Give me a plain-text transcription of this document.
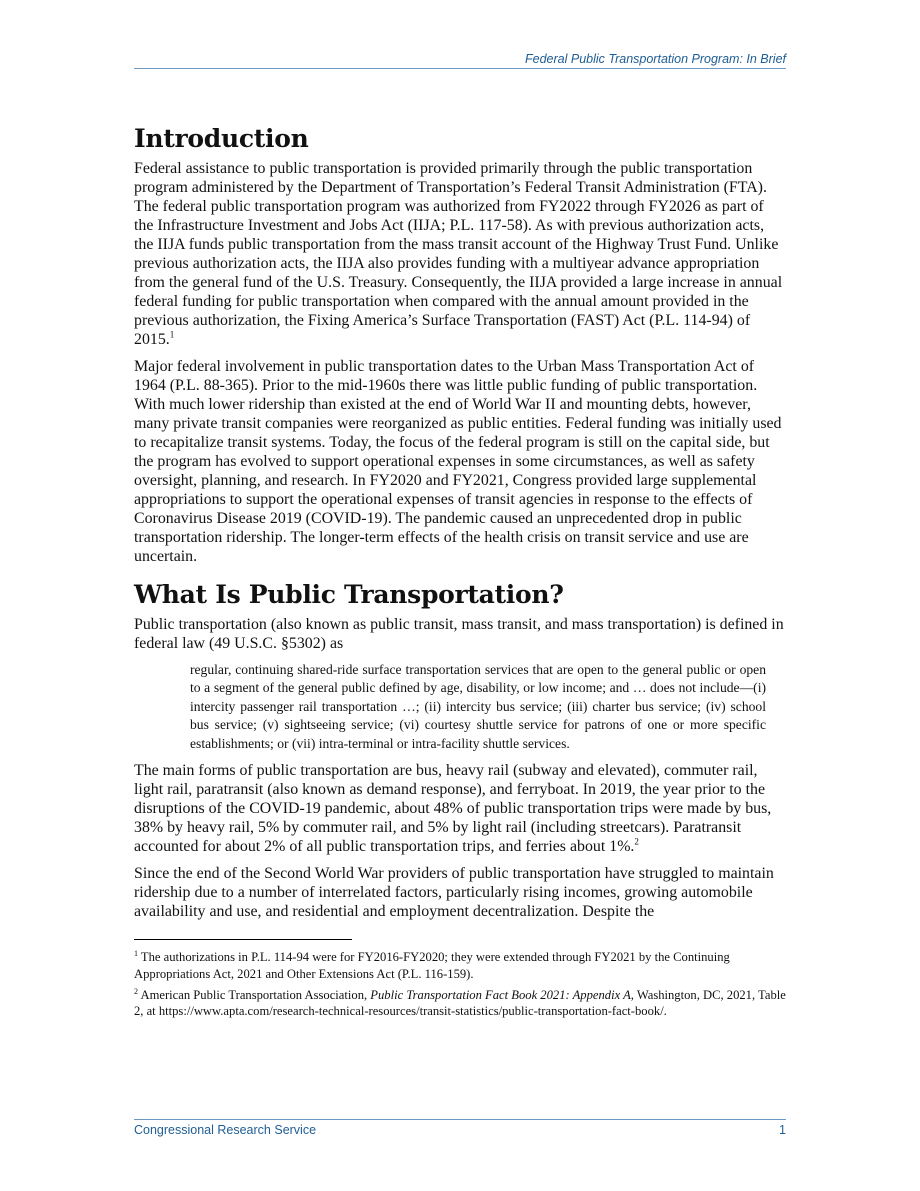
Federal Public Transportation Program: In Brief
Introduction

Federal assistance to public transportation is provided primarily through the public transportation program administered by the Department of Transportation’s Federal Transit Administration (FTA). The federal public transportation program was authorized from FY2022 through FY2026 as part of the Infrastructure Investment and Jobs Act (IIJA; P.L. 117-58). As with previous authorization acts, the IIJA funds public transportation from the mass transit account of the Highway Trust Fund. Unlike previous authorization acts, the IIJA also provides funding with a multiyear advance appropriation from the general fund of the U.S. Treasury. Consequently, the IIJA provided a large increase in annual federal funding for public transportation when compared with the annual amount provided in the previous authorization, the Fixing America’s Surface Transportation (FAST) Act (P.L. 114-94) of 2015.$^1$

Major federal involvement in public transportation dates to the Urban Mass Transportation Act of 1964 (P.L. 88-365). Prior to the mid-1960s there was little public funding of public transportation. With much lower ridership than existed at the end of World War II and mounting debts, however, many private transit companies were reorganized as public entities. Federal funding was initially used to recapitalize transit systems. Today, the focus of the federal program is still on the capital side, but the program has evolved to support operational expenses in some circumstances, as well as safety oversight, planning, and research. In FY2020 and FY2021, Congress provided large supplemental appropriations to support the operational expenses of transit agencies in response to the effects of Coronavirus Disease 2019 (COVID-19). The pandemic caused an unprecedented drop in public transportation ridership. The longer-term effects of the health crisis on transit service and use are uncertain.

What Is Public Transportation?

Public transportation (also known as public transit, mass transit, and mass transportation) is defined in federal law (49 U.S.C. §5302) as

regular, continuing shared-ride surface transportation services that are open to the general public or open to a segment of the general public defined by age, disability, or low income; and … does not include—(i) intercity passenger rail transportation …; (ii) intercity bus service; (iii) charter bus service; (iv) school bus service; (v) sightseeing service; (vi) courtesy shuttle service for patrons of one or more specific establishments; or (vii) intra-terminal or intra-facility shuttle services.

The main forms of public transportation are bus, heavy rail (subway and elevated), commuter rail, light rail, paratransit (also known as demand response), and ferryboat. In 2019, the year prior to the disruptions of the COVID-19 pandemic, about 48% of public transportation trips were made by bus, 38% by heavy rail, 5% by commuter rail, and 5% by light rail (including streetcars). Paratransit accounted for about 2% of all public transportation trips, and ferries about 1%.$^2$

Since the end of the Second World War providers of public transportation have struggled to maintain ridership due to a number of interrelated factors, particularly rising incomes, growing automobile availability and use, and residential and employment decentralization. Despite the

$^1$ The authorizations in P.L. 114-94 were for FY2016-FY2020; they were extended through FY2021 by the Continuing Appropriations Act, 2021 and Other Extensions Act (P.L. 116-159).
$^2$ American Public Transportation Association, Public Transportation Fact Book 2021: Appendix A, Washington, DC, 2021, Table 2, at https://www.apta.com/research-technical-resources/transit-statistics/public-transportation-fact-book/.
Congressional Research Service	1
